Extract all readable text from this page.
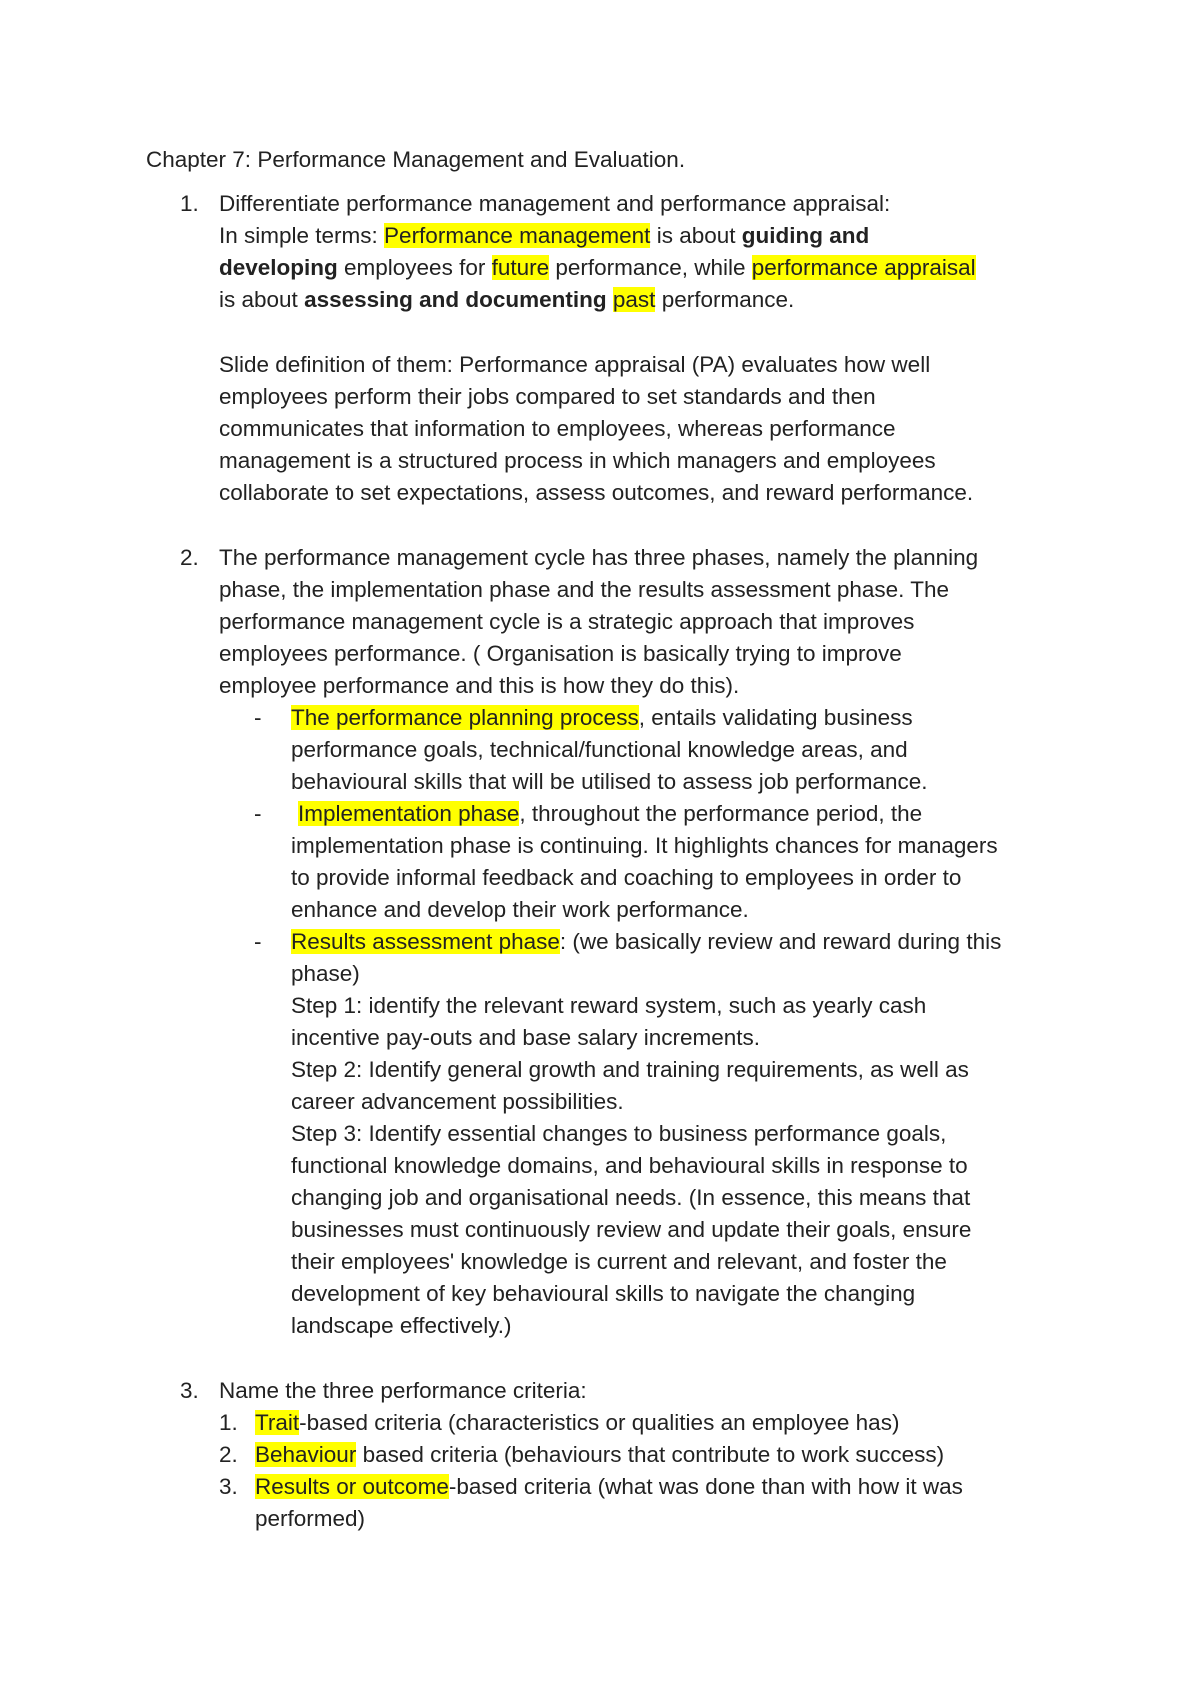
Chapter 7: Performance Management and Evaluation.
1. Differentiate performance management and performance appraisal:
In simple terms: Performance management is about guiding and
developing employees for future performance, while performance appraisal
is about assessing and documenting past performance.
Slide definition of them: Performance appraisal (PA) evaluates how well
employees perform their jobs compared to set standards and then
communicates that information to employees, whereas performance
management is a structured process in which managers and employees
collaborate to set expectations, assess outcomes, and reward performance.
2. The performance management cycle has three phases, namely the planning
phase, the implementation phase and the results assessment phase. The
performance management cycle is a strategic approach that improves
employees performance. ( Organisation is basically trying to improve
employee performance and this is how they do this).
- The performance planning process, entails validating business
performance goals, technical/functional knowledge areas, and
behavioural skills that will be utilised to assess job performance.
- Implementation phase, throughout the performance period, the
implementation phase is continuing. It highlights chances for managers
to provide informal feedback and coaching to employees in order to
enhance and develop their work performance.
- Results assessment phase: (we basically review and reward during this
phase)
Step 1: identify the relevant reward system, such as yearly cash
incentive pay-outs and base salary increments.
Step 2: Identify general growth and training requirements, as well as
career advancement possibilities.
Step 3: Identify essential changes to business performance goals,
functional knowledge domains, and behavioural skills in response to
changing job and organisational needs. (In essence, this means that
businesses must continuously review and update their goals, ensure
their employees' knowledge is current and relevant, and foster the
development of key behavioural skills to navigate the changing
landscape effectively.)
3. Name the three performance criteria:
1. Trait-based criteria (characteristics or qualities an employee has)
2. Behaviour based criteria (behaviours that contribute to work success)
3. Results or outcome-based criteria (what was done than with how it was
performed)
